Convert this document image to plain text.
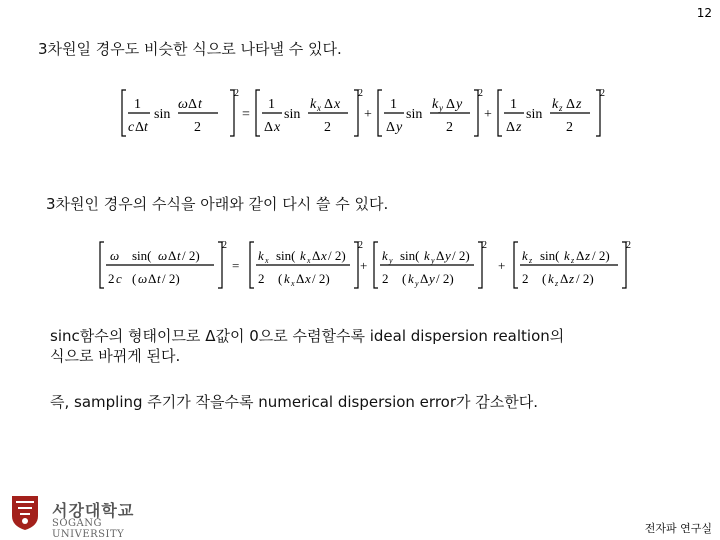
12
3차원일 경우도 비슷한 식으로 나타낼 수 있다.
1
c Δ t
sin
ω Δ t
2
2
=
1
Δ x
sin
k x Δ x
2
2
+
1
Δ y
sin
k y Δ y
2
2
+
1
Δ z
sin
k z Δ z
2
2
3차원인 경우의 수식을 아래와 같이 다시 쓸 수 있다.
ω sin( ω Δ t / 2)
2 c ( ω Δ t / 2)
2
=
k x sin( k x Δ x / 2)
2 ( k x Δ x / 2)
2
+
k y sin( k y Δ y / 2)
2 ( k y Δ y / 2)
2
+
k z sin( k z Δ z / 2)
2 ( k z Δ z / 2)
2
sinc함수의 형태이므로 Δ값이 0으로 수렴할수록 ideal dispersion realtion의
식으로 바뀌게 된다.
즉, sampling 주기가 작을수록 numerical dispersion error가 감소한다.
서강대학교
SOGANG UNIVERSITY	전자파 연구실
